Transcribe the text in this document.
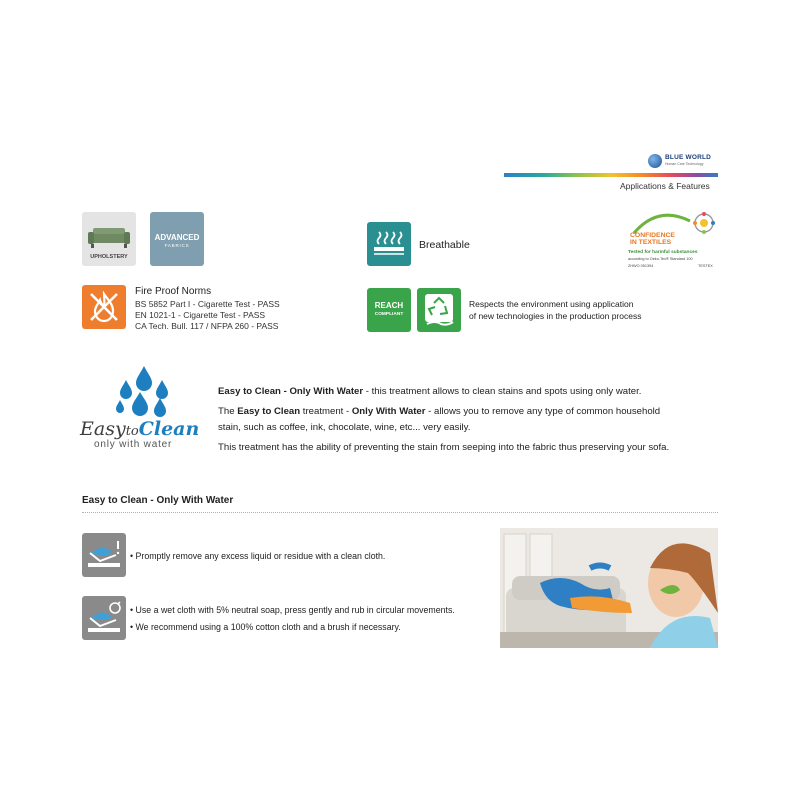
BLUE WORLD
Human Care Technology
Applications & Features
UPHOLSTERY
ADVANCED
FABRICS
Fire Proof Norms
BS 5852 Part I - Cigarette Test - PASS
EN 1021-1 - Cigarette Test - PASS
CA Tech. Bull. 117 / NFPA 260 - PASS
Breathable
REACH
COMPLIANT
Respects the environment using application
of new technologies in the production process
CONFIDENCE
IN TEXTILES
Tested for harmful substances
according to Oeko-Tex® Standard 100
ZHWO 051394	TESTEX
EasytoClean
only with water
Easy to Clean - Only With Water - this treatment allows to clean stains and spots using only water.
The Easy to Clean treatment - Only With Water - allows you to remove any type of common household
stain, such as coffee, ink, chocolate, wine, etc... very easily.
This treatment has the ability of preventing the stain from seeping into the fabric thus preserving your sofa.
Easy to Clean - Only With Water
• Promptly remove any excess liquid or residue with a clean cloth.
• Use a wet cloth with 5% neutral soap, press gently and rub in circular movements.
• We recommend using a 100% cotton cloth and a brush if necessary.
